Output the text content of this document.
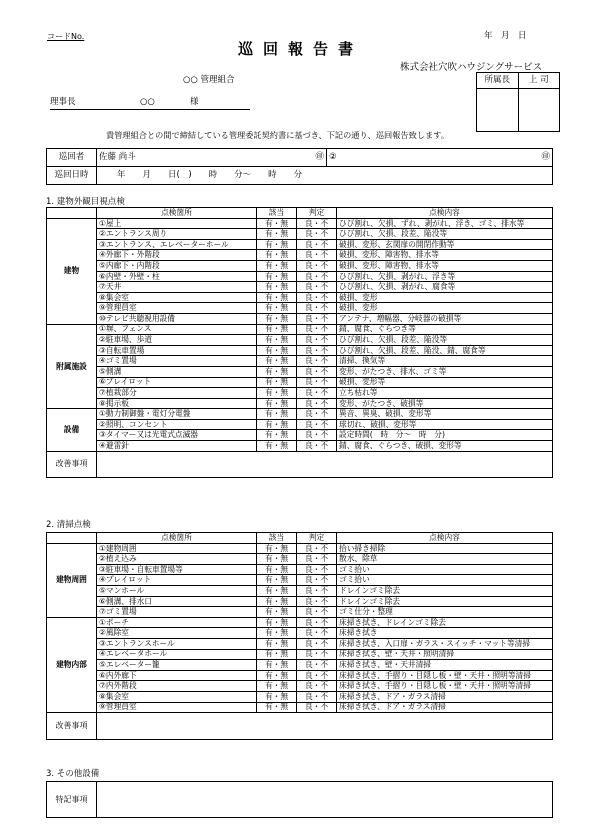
コードNo.	年　月　日
巡回報告書
株式会社穴吹ハウジングサービス
○○ 管理組合
理事長	○○	様
所属長	上 司

貴管理組合との間で締結している管理委託契約書に基づき、下記の通り、巡回報告致します。
巡回者	佐藤 尚斗 ㊞	② ㊞

巡回日時	年　　月　　日(　)　　時　　分～　　時　　分	
1. 建物外観目視点検
	点検箇所	該当	判定	点検内容
建物	①屋上	有・無	良・不	ひび割れ、欠損、ずれ、剥がれ、浮き、ゴミ、排水等
	②エントランス周り	有・無	良・不	ひび割れ、欠損、段差、陥没等
	③エントランス、エレベーターホール	有・無	良・不	破損、変形、玄関扉の開閉作動等
	④外廊下・外階段	有・無	良・不	破損、変形、障害物、排水等
	⑤内廊下・内階段	有・無	良・不	破損、変形、障害物、排水等
	⑥内壁・外壁・柱	有・無	良・不	ひび割れ、欠損、剥がれ、浮き等
	⑦天井	有・無	良・不	ひび割れ、欠損、剥がれ、腐食等
	⑧集会室	有・無	良・不	破損、変形
	⑨管理員室	有・無	良・不	破損、変形
	⑩テレビ共聴視用設備	有・無	良・不	アンテナ、増幅器、分岐器の破損等
附属施設	①塀、フェンス	有・無	良・不	錆、腐食、ぐらつき等
	②駐車場、歩道	有・無	良・不	ひび割れ、欠損、段差、陥没等
	③自転車置場	有・無	良・不	ひび割れ、欠損、段差、陥没、錆、腐食等
	④ゴミ置場	有・無	良・不	清掃、換気等
	⑤側溝	有・無	良・不	変形、がたつき、排水、ゴミ等
	⑥プレイロット	有・無	良・不	破損、変形等
	⑦植栽部分	有・無	良・不	立ち枯れ等
	⑧掲示板	有・無	良・不	変形、がたつき、破損等
設備	①動力制御盤・電灯分電盤	有・無	良・不	異音、異臭、破損、変形等
	②照明、コンセント	有・無	良・不	球切れ、破損、変形等
	③タイマー又は光電式点滅器	有・無	良・不	設定時間(　時　分～　時　分)
	④避雷針	有・無	良・不	錆、腐食、ぐらつき、破損、変形等
改善事項				
2. 清掃点検
	点検箇所	該当	判定	点検内容
建物周囲	①建物周囲	有・無	良・不	拾い掃き掃除
	②植え込み	有・無	良・不	散水、除草
	③駐車場・自転車置場等	有・無	良・不	ゴミ拾い
	④プレイロット	有・無	良・不	ゴミ拾い
	⑤マンホール	有・無	良・不	ドレインゴミ除去
	⑥側溝、排水口	有・無	良・不	ドレインゴミ除去
	⑦ゴミ置場	有・無	良・不	ゴミ仕分・整理
建物内部	①ポーチ	有・無	良・不	床掃き拭き、ドレインゴミ除去
	②風除室	有・無	良・不	床掃き拭き
	③エントランスホール	有・無	良・不	床掃き拭き、入口扉・ガラス・スイッチ・マット等清掃
	④エレベータホール	有・無	良・不	床掃き拭き、壁・天井・照明清掃
	⑤エレベーター籠	有・無	良・不	床掃き拭き、壁・天井清掃
	⑥内外廊下	有・無	良・不	床掃き拭き、手摺り・目隠し板・壁・天井・照明等清掃
	⑦内外階段	有・無	良・不	床掃き拭き、手摺り・目隠し板・壁・天井・照明等清掃
	⑧集会室	有・無	良・不	床掃き拭き、ドア・ガラス清掃
	⑨管理員室	有・無	良・不	床掃き拭き、ドア・ガラス清掃
改善事項				
3. その他設備
特記事項	
